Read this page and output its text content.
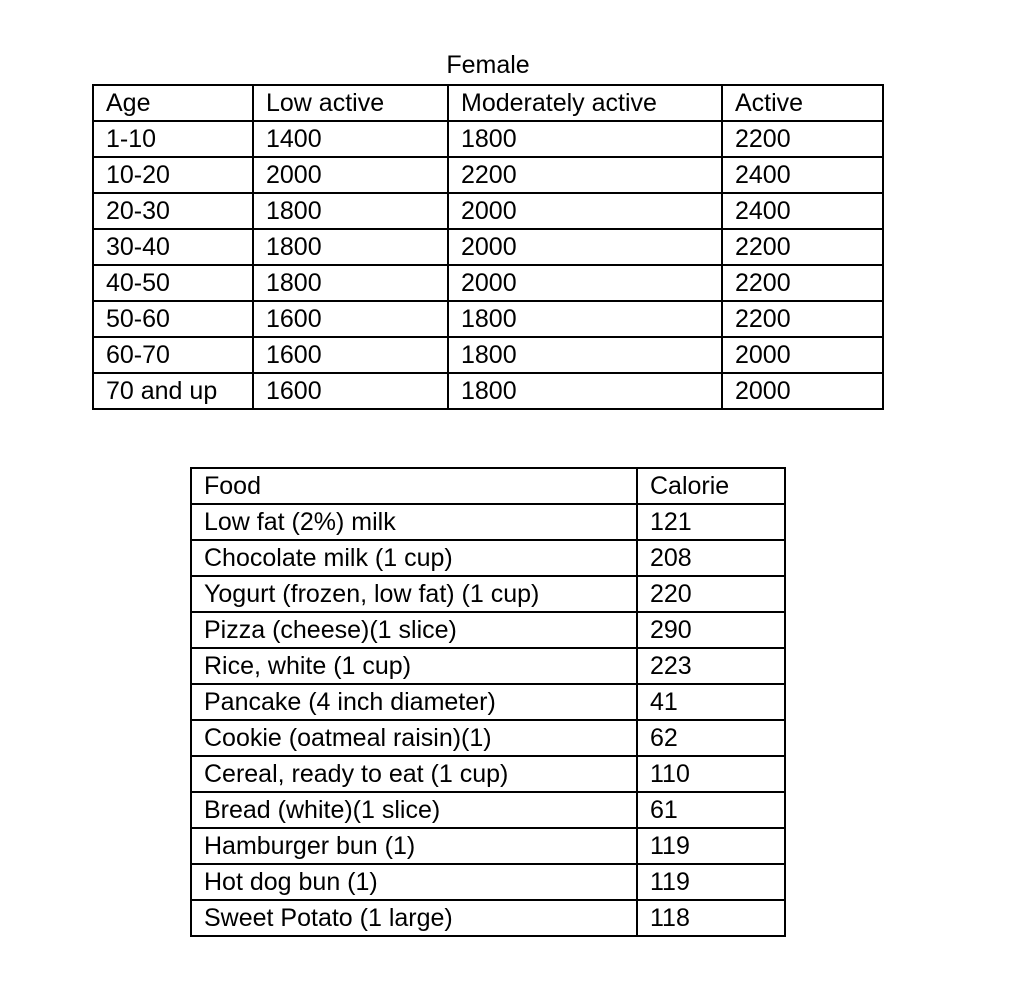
Female
Age	Low active	Moderately active	Active
1-10	1400	1800	2200
10-20	2000	2200	2400
20-30	1800	2000	2400
30-40	1800	2000	2200
40-50	1800	2000	2200
50-60	1600	1800	2200
60-70	1600	1800	2000
70 and up	1600	1800	2000
Food	Calorie
Low fat (2%) milk	121
Chocolate milk (1 cup)	208
Yogurt (frozen, low fat) (1 cup)	220
Pizza (cheese)(1 slice)	290
Rice, white (1 cup)	223
Pancake (4 inch diameter)	41
Cookie (oatmeal raisin)(1)	62
Cereal, ready to eat (1 cup)	110
Bread (white)(1 slice)	61
Hamburger bun (1)	119
Hot dog bun (1)	119
Sweet Potato (1 large)	118
